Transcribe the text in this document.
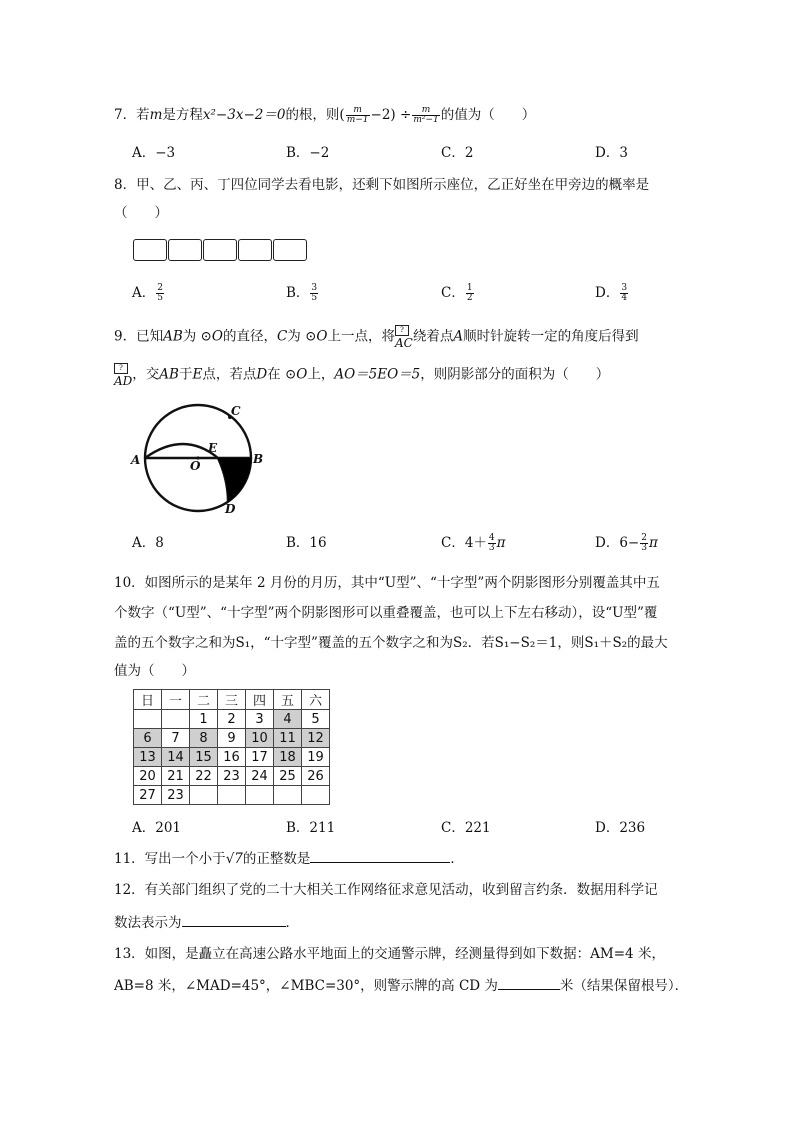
7．若m是方程x²−3x−2＝0的根，则( $\frac{m}{m-1} -2) \div \frac{m}{\text{m²−1}}$ 的值为（　　）
A．−3	B．−2	C．2	D．3
8．甲、乙、丙、丁四位同学去看电影，还剩下如图所示座位，乙正好坐在甲旁边的概率是
（　　）
A． $\frac{2}{5}$	B． $\frac{3}{5}$	C． $\frac{1}{2}$	D． $\frac{3}{4}$
9．已知AB为 ⊙O的直径，C为 ⊙O上一点，将 ?
AC绕着点A顺时针旋转一定的角度后得到
?
AD，交AB于E点，若点D在 ⊙O上，AO＝5EO＝5，则阴影部分的面积为（　　）
A	B
C
D
E
O
A．8	B．16	C．$4+ \frac{4}{3}$ π	D．$6- \frac{2}{3}$ π
10．如图所示的是某年 2 月份的月历，其中“U型”、“十字型”两个阴影图形分别覆盖其中五
个数字（“U型”、“十字型”两个阴影图形可以重叠覆盖，也可以上下左右移动），设“U型”覆
盖的五个数字之和为S₁，“十字型”覆盖的五个数字之和为S₂．若S₁−S₂＝1，则S₁＋S₂的最大
值为（　　）
日	一	二	三	四	五	六
		1	2	3	4	5
6	7	8	9	10	11	12
13	14	15	16	17	18	19
20	21	22	23	24	25	26
27	23					
A．201	B．211	C．221	D．236
11．写出一个小于√7的正整数是	．
12．有关部门组织了党的二十大相关工作网络征求意见活动，收到留言约条．数据用科学记
数法表示为	．
13．如图，是矗立在高速公路水平地面上的交通警示牌，经测量得到如下数据：AM=4 米，
AB=8 米，∠MAD=45°，∠MBC=30°，则警示牌的高 CD 为	米（结果保留根号）．
